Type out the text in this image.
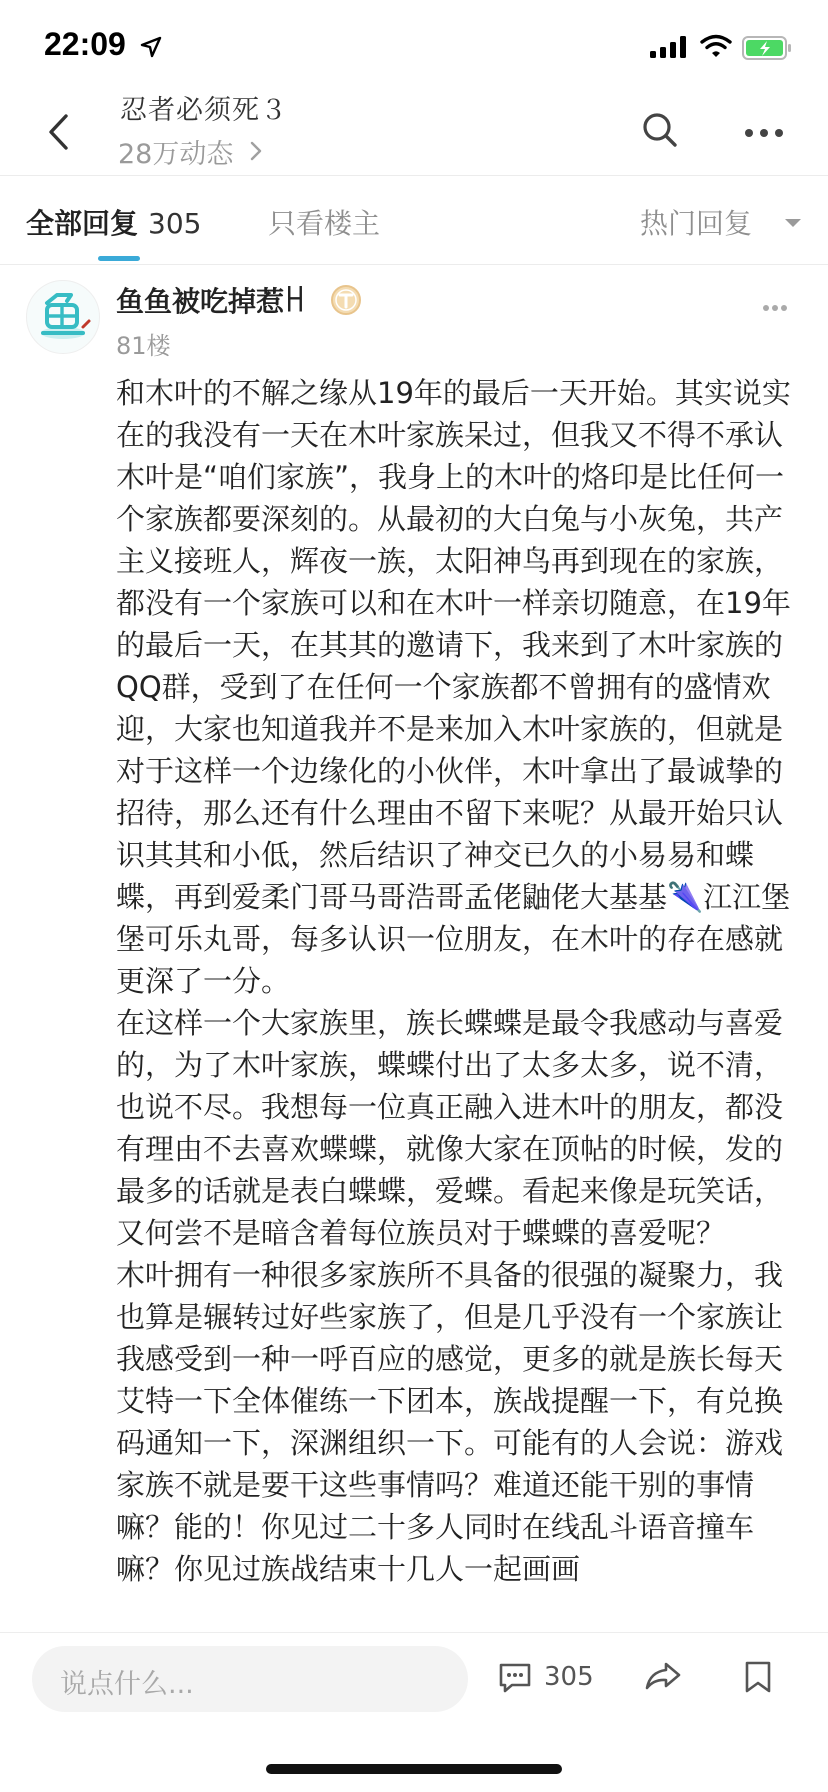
22:09
忍者必须死３
28万动态
全部回复 305 只看楼主	热门回复
鱼鱼被吃掉惹ꀿ
81楼

和木叶的不解之缘从19年的最后一天开始。其实说实在的我没有一天在木叶家族呆过，但我又不得不承认木叶是“咱们家族”，我身上的木叶的烙印是比任何一个家族都要深刻的。从最初的大白兔与小灰兔，共产主义接班人，辉夜一族，太阳神鸟再到现在的家族，都没有一个家族可以和在木叶一样亲切随意，在19年的最后一天，在其其的邀请下，我来到了木叶家族的QQ群，受到了在任何一个家族都不曾拥有的盛情欢迎，大家也知道我并不是来加入木叶家族的，但就是对于这样一个边缘化的小伙伴，木叶拿出了最诚挚的招待，那么还有什么理由不留下来呢？从最开始只认识其其和小低，然后结识了神交已久的小易易和蝶蝶，再到爱柔门哥马哥浩哥孟佬鼬佬大基基🌂江江堡堡可乐丸哥，每多认识一位朋友，在木叶的存在感就更深了一分。

在这样一个大家族里，族长蝶蝶是最令我感动与喜爱的，为了木叶家族，蝶蝶付出了太多太多，说不清，也说不尽。我想每一位真正融入进木叶的朋友，都没有理由不去喜欢蝶蝶，就像大家在顶帖的时候，发的最多的话就是表白蝶蝶，爱蝶。看起来像是玩笑话，又何尝不是暗含着每位族员对于蝶蝶的喜爱呢？

木叶拥有一种很多家族所不具备的很强的凝聚力，我也算是辗转过好些家族了，但是几乎没有一个家族让我感受到一种一呼百应的感觉，更多的就是族长每天艾特一下全体催练一下团本，族战提醒一下，有兑换码通知一下，深渊组织一下。可能有的人会说：游戏家族不就是要干这些事情吗？难道还能干别的事情嘛？能的！你见过二十多人同时在线乱斗语音撞车嘛？你见过族战结束十几人一起画画

说点什么...	305
